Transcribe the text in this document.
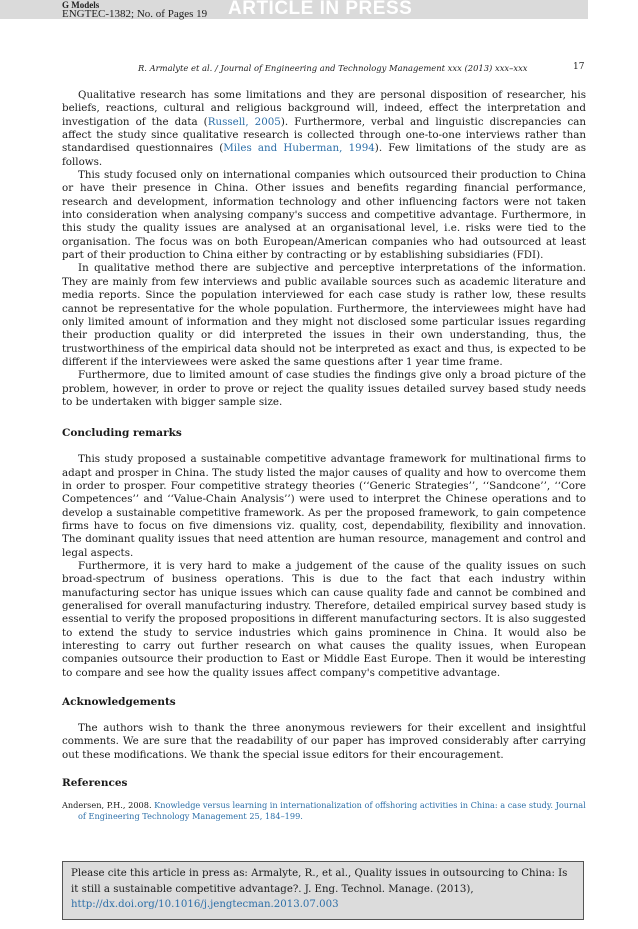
G Models
ENGTEC-1382; No. of Pages 19 ARTICLE IN PRESS
R. Armalyte et al. / Journal of Engineering and Technology Management xxx (2013) xxx–xxx	17

Qualitative research has some limitations and they are personal disposition of researcher, his beliefs, reactions, cultural and religious background will, indeed, effect the interpretation and investigation of the data (Russell, 2005). Furthermore, verbal and linguistic discrepancies can affect the study since qualitative research is collected through one-to-one interviews rather than standardised questionnaires (Miles and Huberman, 1994). Few limitations of the study are as follows.

This study focused only on international companies which outsourced their production to China or have their presence in China. Other issues and benefits regarding financial performance, research and development, information technology and other influencing factors were not taken into consideration when analysing company's success and competitive advantage. Furthermore, in this study the quality issues are analysed at an organisational level, i.e. risks were tied to the organisation. The focus was on both European/American companies who had outsourced at least part of their production to China either by contracting or by establishing subsidiaries (FDI).

In qualitative method there are subjective and perceptive interpretations of the information. They are mainly from few interviews and public available sources such as academic literature and media reports. Since the population interviewed for each case study is rather low, these results cannot be representative for the whole population. Furthermore, the interviewees might have had only limited amount of information and they might not disclosed some particular issues regarding their production quality or did interpreted the issues in their own understanding, thus, the trustworthiness of the empirical data should not be interpreted as exact and thus, is expected to be different if the interviewees were asked the same questions after 1 year time frame.

Furthermore, due to limited amount of case studies the findings give only a broad picture of the problem, however, in order to prove or reject the quality issues detailed survey based study needs to be undertaken with bigger sample size.

Concluding remarks

This study proposed a sustainable competitive advantage framework for multinational firms to adapt and prosper in China. The study listed the major causes of quality and how to overcome them in order to prosper. Four competitive strategy theories (‘‘Generic Strategies’’, ‘‘Sandcone’’, ‘‘Core Competences’’ and ‘‘Value-Chain Analysis’’) were used to interpret the Chinese operations and to develop a sustainable competitive framework. As per the proposed framework, to gain competence firms have to focus on five dimensions viz. quality, cost, dependability, flexibility and innovation. The dominant quality issues that need attention are human resource, management and control and legal aspects.

Furthermore, it is very hard to make a judgement of the cause of the quality issues on such broad-spectrum of business operations. This is due to the fact that each industry within manufacturing sector has unique issues which can cause quality fade and cannot be combined and generalised for overall manufacturing industry. Therefore, detailed empirical survey based study is essential to verify the proposed propositions in different manufacturing sectors. It is also suggested to extend the study to service industries which gains prominence in China. It would also be interesting to carry out further research on what causes the quality issues, when European companies outsource their production to East or Middle East Europe. Then it would be interesting to compare and see how the quality issues affect company's competitive advantage.

Acknowledgements

The authors wish to thank the three anonymous reviewers for their excellent and insightful comments. We are sure that the readability of our paper has improved considerably after carrying out these modifications. We thank the special issue editors for their encouragement.

References

Andersen, P.H., 2008. Knowledge versus learning in internationalization of offshoring activities in China: a case study. Journal of Engineering Technology Management 25, 184–199.

Please cite this article in press as: Armalyte, R., et al., Quality issues in outsourcing to China: Is it still a sustainable competitive advantage?. J. Eng. Technol. Manage. (2013), http://dx.doi.org/10.1016/j.jengtecman.2013.07.003
